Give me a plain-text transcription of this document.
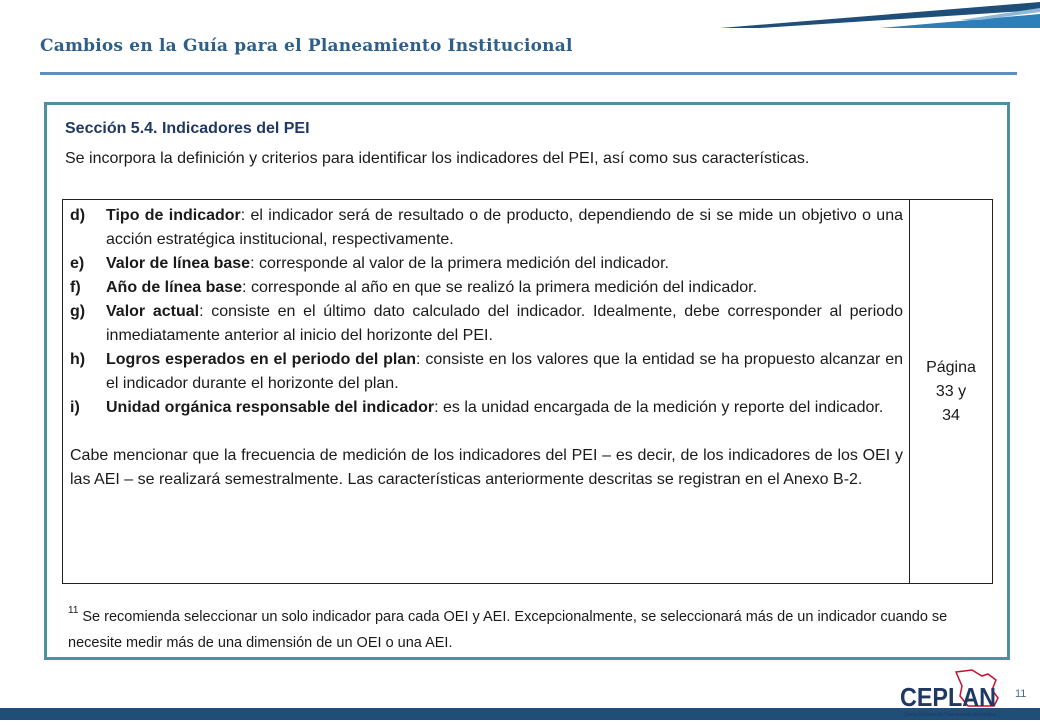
Cambios en la Guía para el Planeamiento Institucional
Sección 5.4. Indicadores del PEI
Se incorpora la definición y criterios para identificar los indicadores del PEI, así como sus características.
d)	Tipo de indicador: el indicador será de resultado o de producto, dependiendo de si se mide un objetivo o una acción estratégica institucional, respectivamente.
e)	Valor de línea base: corresponde al valor de la primera medición del indicador.
f)	Año de línea base: corresponde al año en que se realizó la primera medición del indicador.
g)	Valor actual: consiste en el último dato calculado del indicador. Idealmente, debe corresponder al periodo inmediatamente anterior al inicio del horizonte del PEI.
h)	Logros esperados en el periodo del plan: consiste en los valores que la entidad se ha propuesto alcanzar en el indicador durante el horizonte del plan.
i)	Unidad orgánica responsable del indicador: es la unidad encargada de la medición y reporte del indicador.
Cabe mencionar que la frecuencia de medición de los indicadores del PEI – es decir, de los indicadores de los OEI y las AEI – se realizará semestralmente. Las características anteriormente descritas se registran en el Anexo B-2.
Página
33 y
34
$^{11}$ Se recomienda seleccionar un solo indicador para cada OEI y AEI. Excepcionalmente, se seleccionará más de un indicador cuando se necesite medir más de una dimensión de un OEI o una AEI.
CEPLAN
Centro Nacional de Planeamiento Estratégico
11
